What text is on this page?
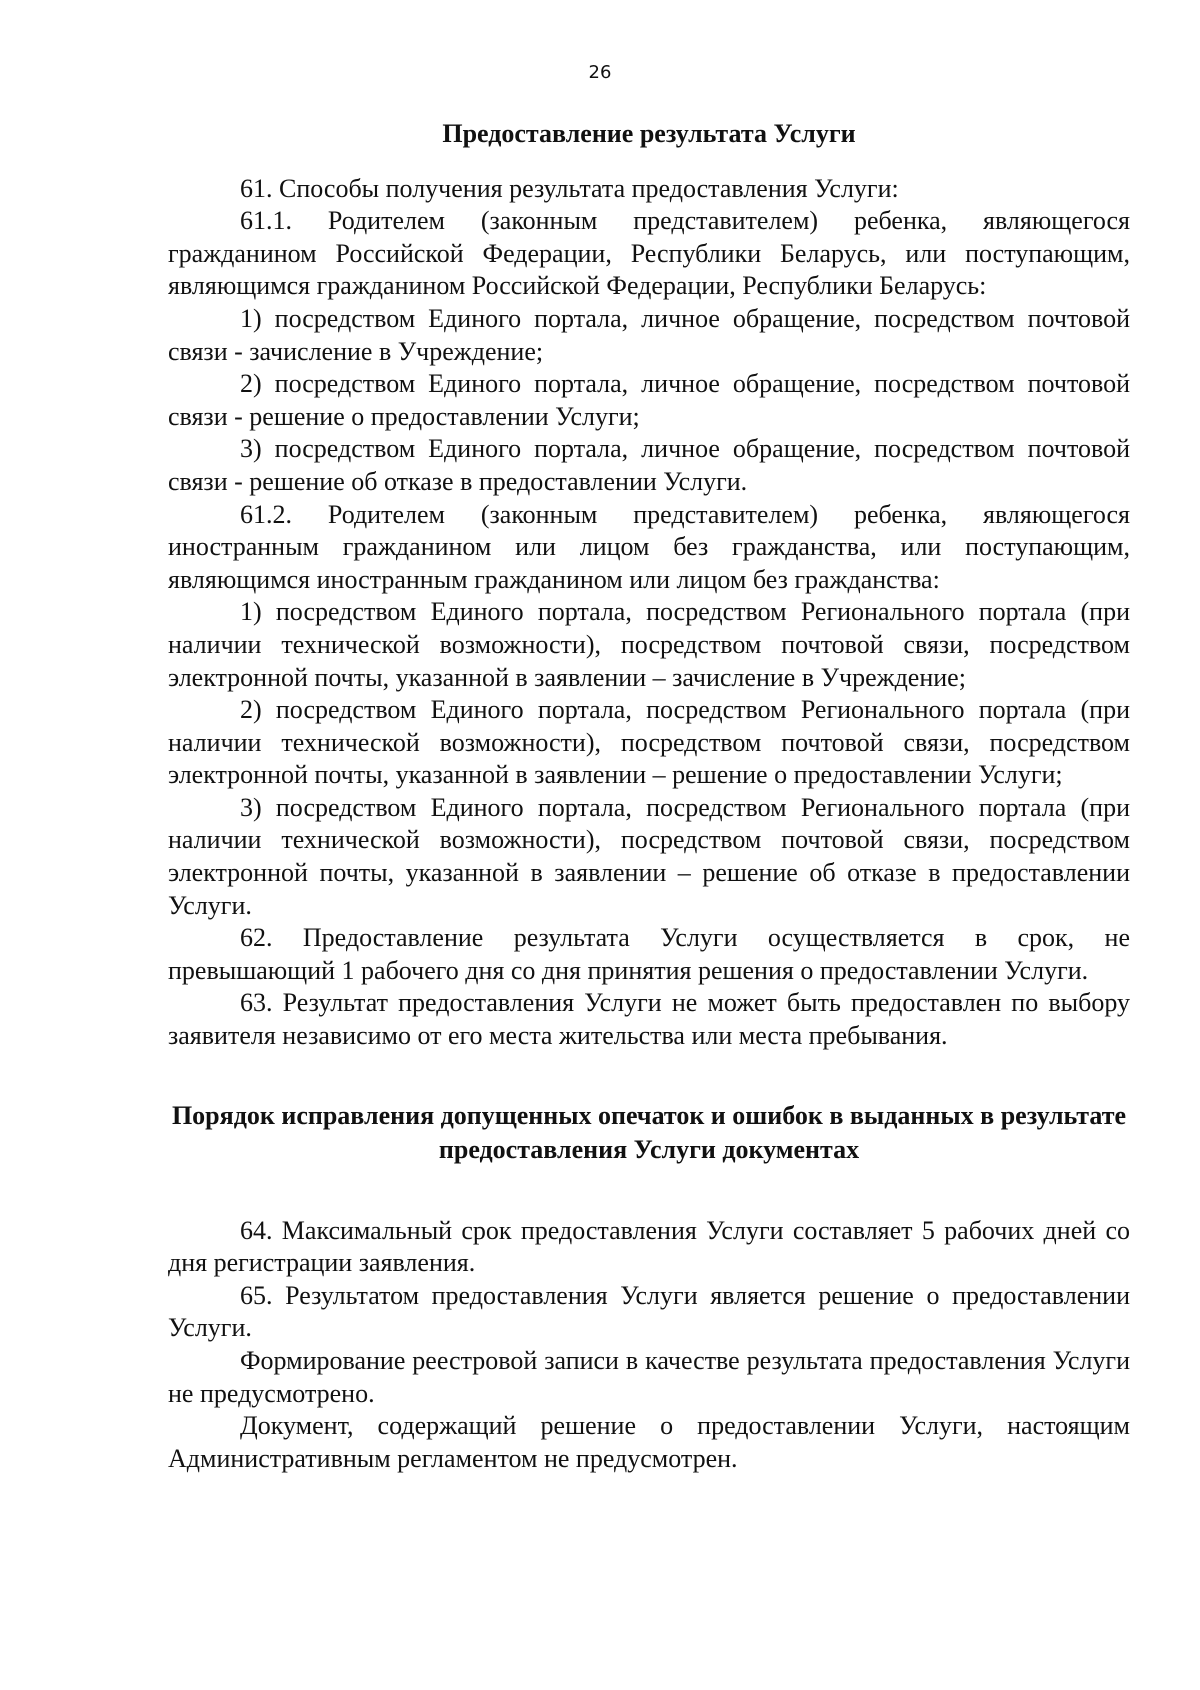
26

Предоставление результата Услуги

61. Способы получения результата предоставления Услуги:

61.1. Родителем (законным представителем) ребенка, являющегося гражданином Российской Федерации, Республики Беларусь, или поступающим, являющимся гражданином Российской Федерации, Республики Беларусь:

1) посредством Единого портала, личное обращение, посредством почтовой связи - зачисление в Учреждение;

2) посредством Единого портала, личное обращение, посредством почтовой связи - решение о предоставлении Услуги;

3) посредством Единого портала, личное обращение, посредством почтовой связи - решение об отказе в предоставлении Услуги.

61.2. Родителем (законным представителем) ребенка, являющегося иностранным гражданином или лицом без гражданства, или поступающим, являющимся иностранным гражданином или лицом без гражданства:

1) посредством Единого портала, посредством Регионального портала (при наличии технической возможности), посредством почтовой связи, посредством электронной почты, указанной в заявлении – зачисление в Учреждение;

2) посредством Единого портала, посредством Регионального портала (при наличии технической возможности), посредством почтовой связи, посредством электронной почты, указанной в заявлении – решение о предоставлении Услуги;

3) посредством Единого портала, посредством Регионального портала (при наличии технической возможности), посредством почтовой связи, посредством электронной почты, указанной в заявлении – решение об отказе в предоставлении Услуги.

62. Предоставление результата Услуги осуществляется в срок, не превышающий 1 рабочего дня со дня принятия решения о предоставлении Услуги.

63. Результат предоставления Услуги не может быть предоставлен по выбору заявителя независимо от его места жительства или места пребывания.

Порядок исправления допущенных опечаток и ошибок в выданных в результате предоставления Услуги документах

64. Максимальный срок предоставления Услуги составляет 5 рабочих дней со дня регистрации заявления.

65. Результатом предоставления Услуги является решение о предоставлении Услуги.

Формирование реестровой записи в качестве результата предоставления Услуги не предусмотрено.

Документ, содержащий решение о предоставлении Услуги, настоящим Административным регламентом не предусмотрен.
